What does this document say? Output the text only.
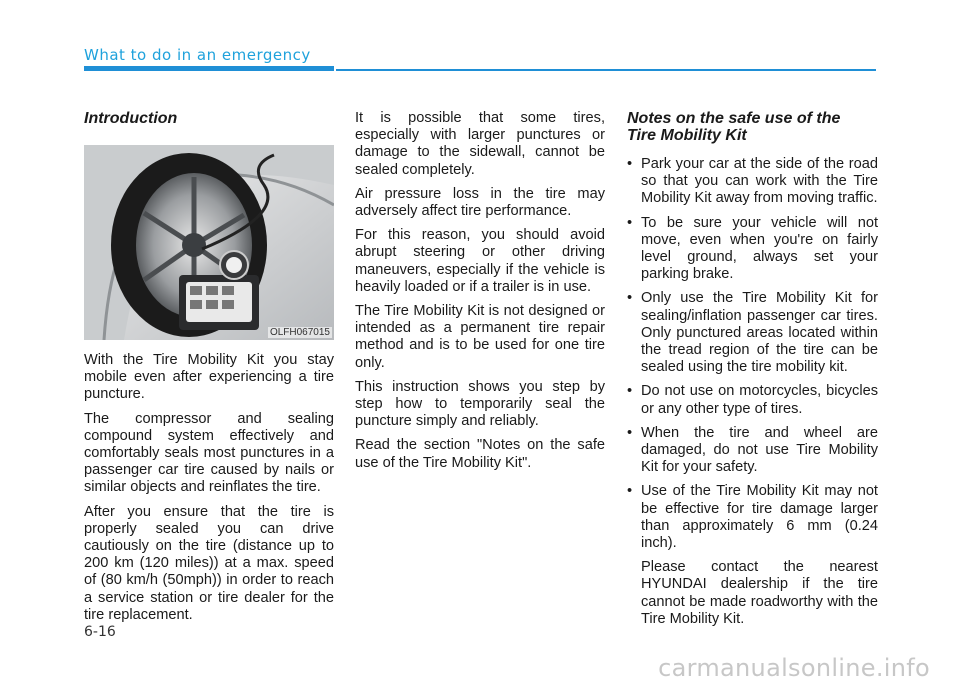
What to do in an emergency
Introduction
OLFH067015

With the Tire Mobility Kit you stay mobile even after experiencing a tire puncture.

The compressor and sealing compound system effectively and comfortably seals most punctures in a passenger car tire caused by nails or similar objects and reinflates the tire.

After you ensure that the tire is properly sealed you can drive cautiously on the tire (distance up to 200 km (120 miles)) at a max. speed of (80 km/h (50mph)) in order to reach a service station or tire dealer for the tire replacement.

It is possible that some tires, especially with larger punctures or damage to the sidewall, cannot be sealed completely.

Air pressure loss in the tire may adversely affect tire performance.

For this reason, you should avoid abrupt steering or other driving maneuvers, especially if the vehicle is heavily loaded or if a trailer is in use.

The Tire Mobility Kit is not designed or intended as a permanent tire repair method and is to be used for one tire only.

This instruction shows you step by step how to temporarily seal the puncture simply and reliably.

Read the section "Notes on the safe use of the Tire Mobility Kit".

Notes on the safe use of the
Tire Mobility Kit
• Park your car at the side of the road so that you can work with the Tire Mobility Kit away from moving traffic.
• To be sure your vehicle will not move, even when you're on fairly level ground, always set your parking brake.
• Only use the Tire Mobility Kit for sealing/inflation passenger car tires. Only punctured areas located within the tread region of the tire can be sealed using the tire mobility kit.
• Do not use on motorcycles, bicycles or any other type of tires.
• When the tire and wheel are damaged, do not use Tire Mobility Kit for your safety.
• Use of the Tire Mobility Kit may not be effective for tire damage larger than approximately 6 mm (0.24 inch).

Please contact the nearest HYUNDAI dealership if the tire cannot be made roadworthy with the Tire Mobility Kit.

6-16
carmanualsonline.info
